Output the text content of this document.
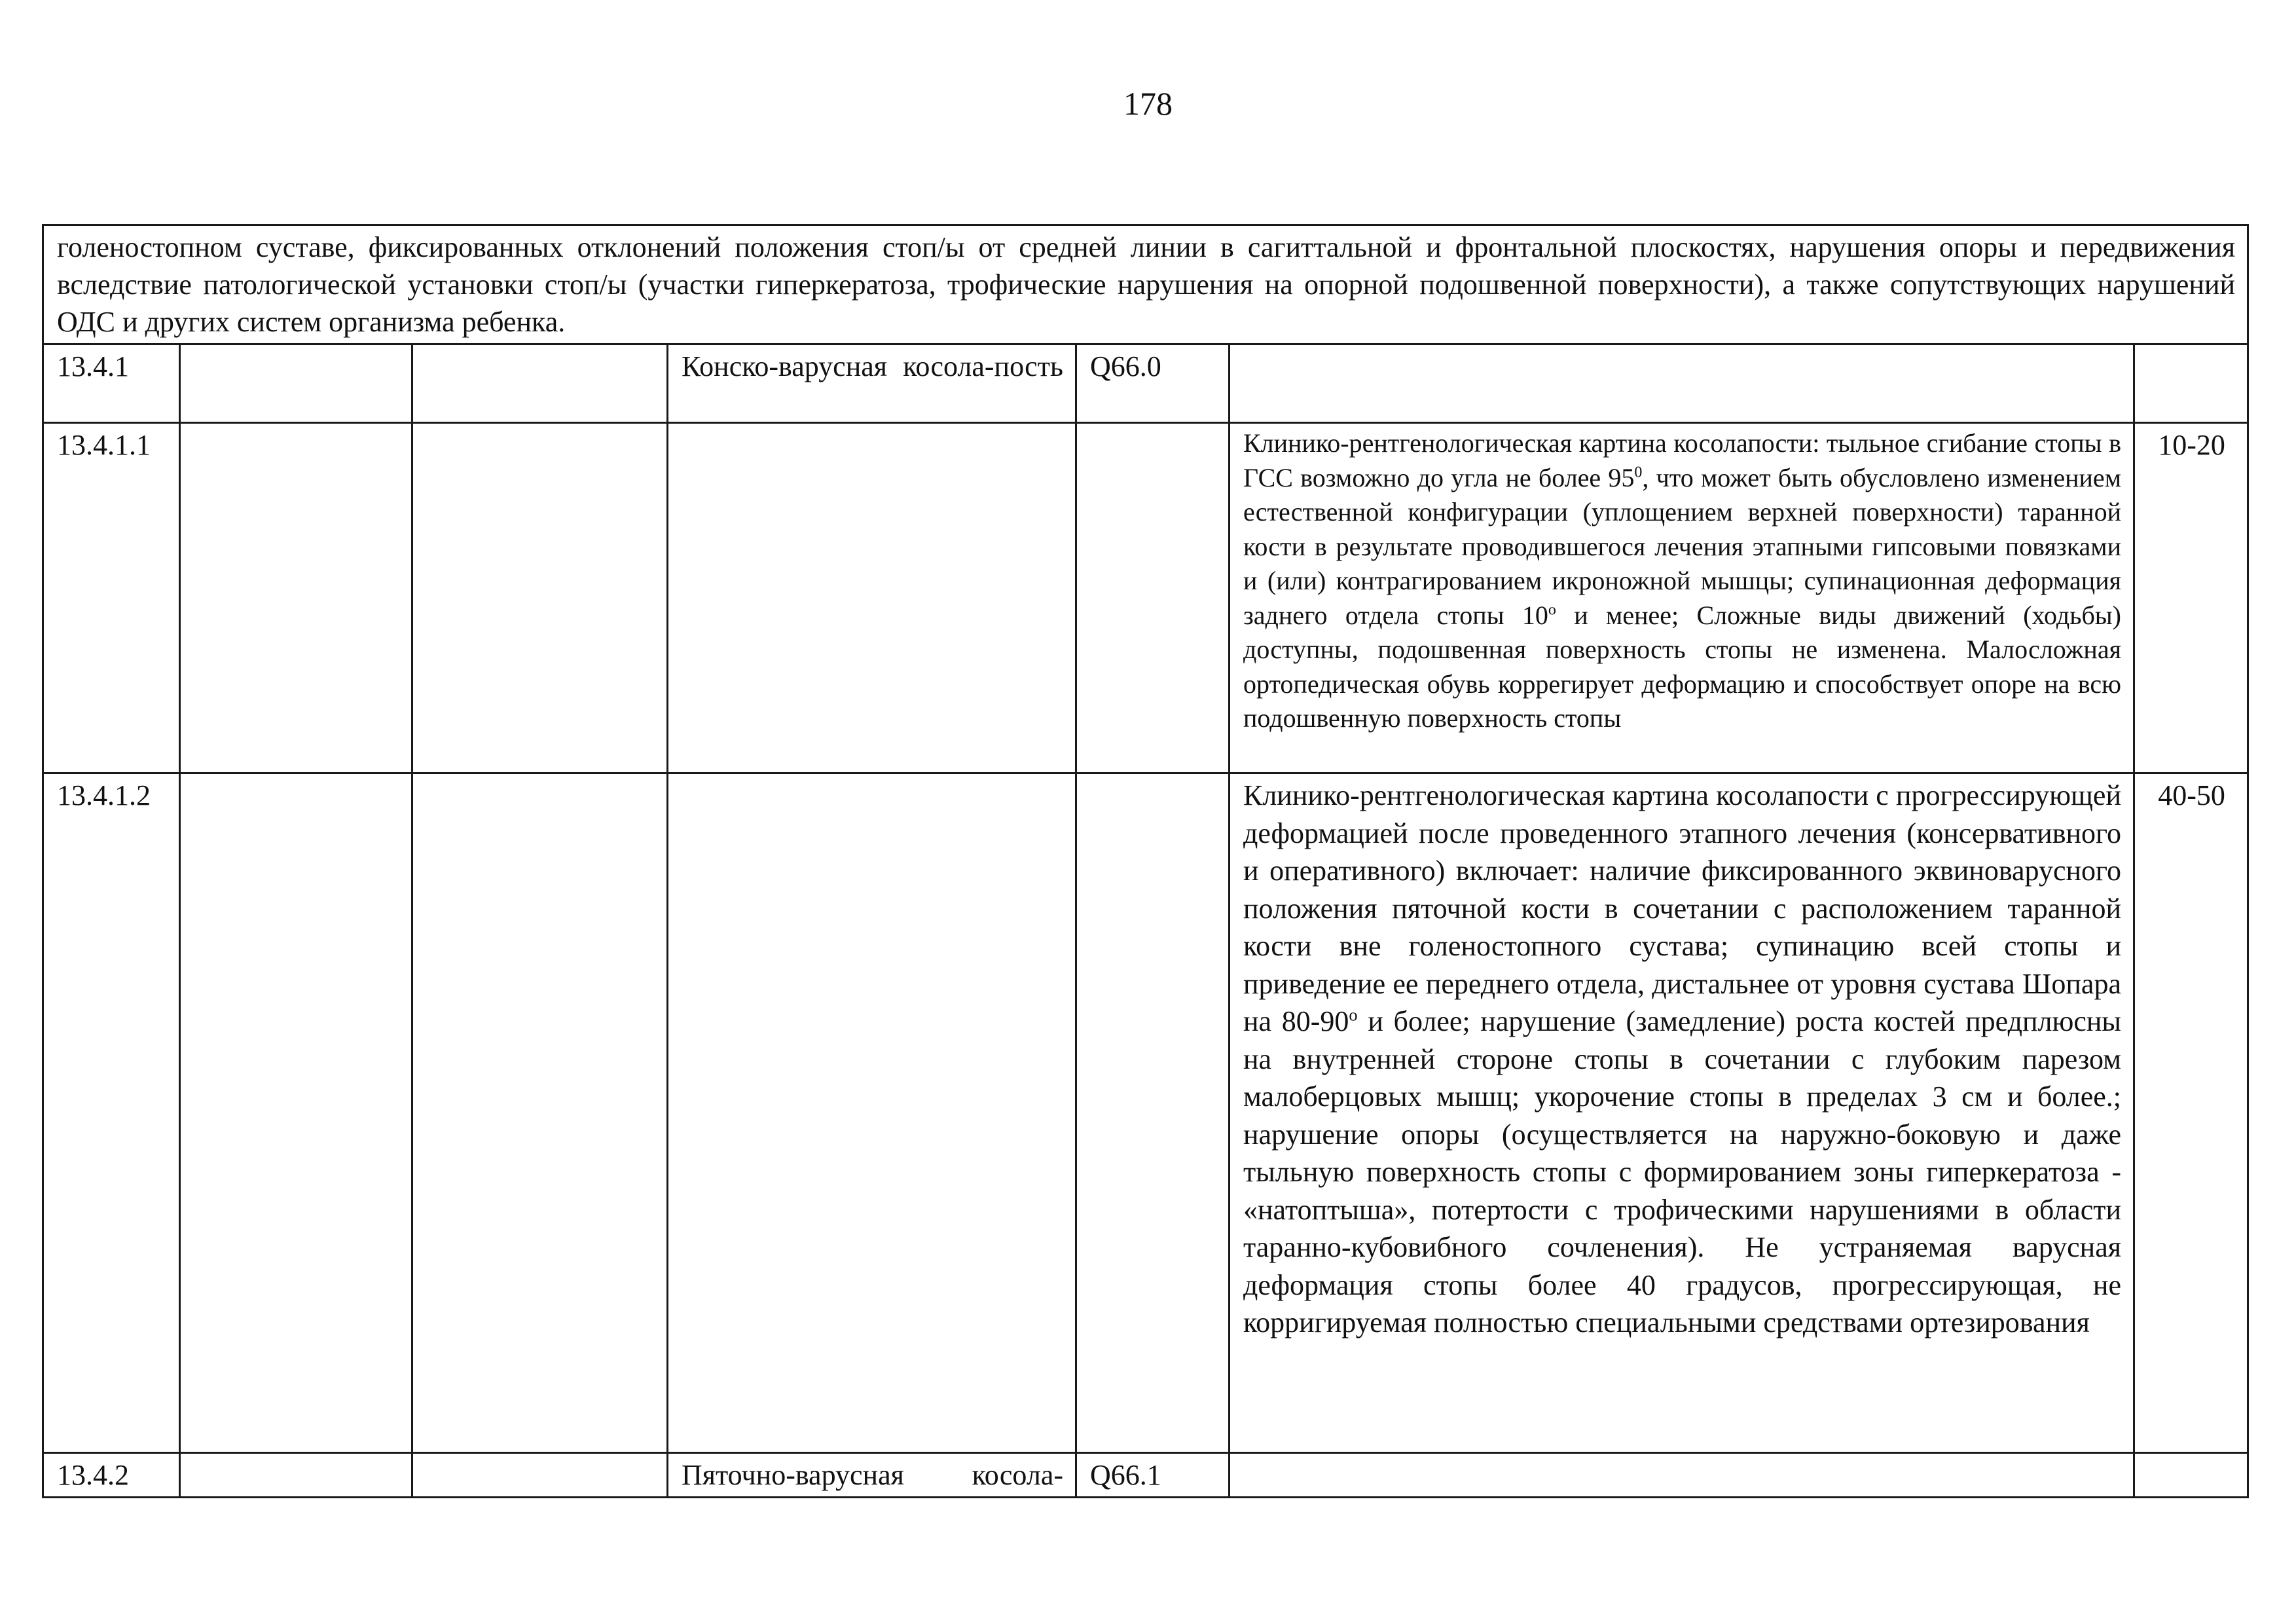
178
голеностопном суставе, фиксированных отклонений положения стоп/ы от средней линии в сагиттальной и фронтальной плоскостях, нарушения опоры и передвижения вследствие патологической установки стоп/ы (участки гиперкератоза, трофические нарушения на опорной подошвенной поверхности), а также сопутствующих нарушений ОДС и других систем организма ребенка.						
13.4.1			Конско-варусная косола-пость	Q66.0		
13.4.1.1					Клинико-рентгенологическая картина косолапости: тыльное сгибание стопы в ГСС возможно до угла не более $95^0$, что может быть обусловлено изменением естественной конфигурации (уплощением верхней поверхности) таранной кости в результате проводившегося лечения этапными гипсовыми повязками и (или) контрагированием икроножной мышцы; супинационная деформация заднего отдела стопы $10^о$ и менее; Сложные виды движений (ходьбы) доступны, подошвенная поверхность стопы не изменена. Малосложная ортопедическая обувь коррегирует деформацию и способствует опоре на всю подошвенную поверхность стопы	10-20
13.4.1.2					Клинико-рентгенологическая картина косолапости с прогрессирующей деформацией после проведенного этапного лечения (консервативного и оперативного) включает: наличие фиксированного эквиноварусного положения пяточной кости в сочетании с расположением таранной кости вне голеностопного сустава; супинацию всей стопы и приведение ее переднего отдела, дистальнее от уровня сустава Шопара на $80-90^о$ и более; нарушение (замедление) роста костей предплюсны на внутренней стороне стопы в сочетании с глубоким парезом малоберцовых мышц; укорочение стопы в пределах 3 см и более.; нарушение опоры (осуществляется на наружно-боковую и даже тыльную поверхность стопы с формированием зоны гиперкератоза - «натоптыша», потертости с трофическими нарушениями в области таранно-кубовибного сочленения). Не устраняемая варусная деформация стопы более 40 градусов, прогрессирующая, не корригируемая полностью специальными средствами ортезирования	40-50
13.4.2			Пяточно-варусная косола-	Q66.1		
